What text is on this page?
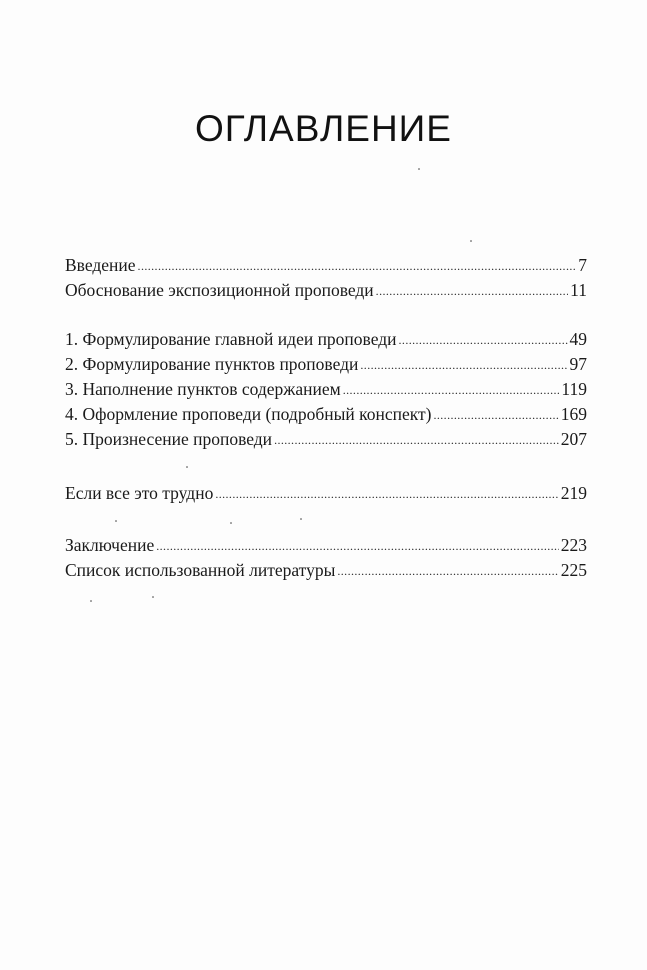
ОГЛАВЛЕНИЕ
Введение .....	7
Обоснование экспозиционной проповеди .....	11
1. Формулирование главной идеи проповеди .....	49
2. Формулирование пунктов проповеди .....	97
3. Наполнение пунктов содержанием .....	119
4. Оформление проповеди (подробный конспект) .....	169
5. Произнесение проповеди .....	207
Если все это трудно .....	219
Заключение .....	223
Список использованной литературы .....	225
